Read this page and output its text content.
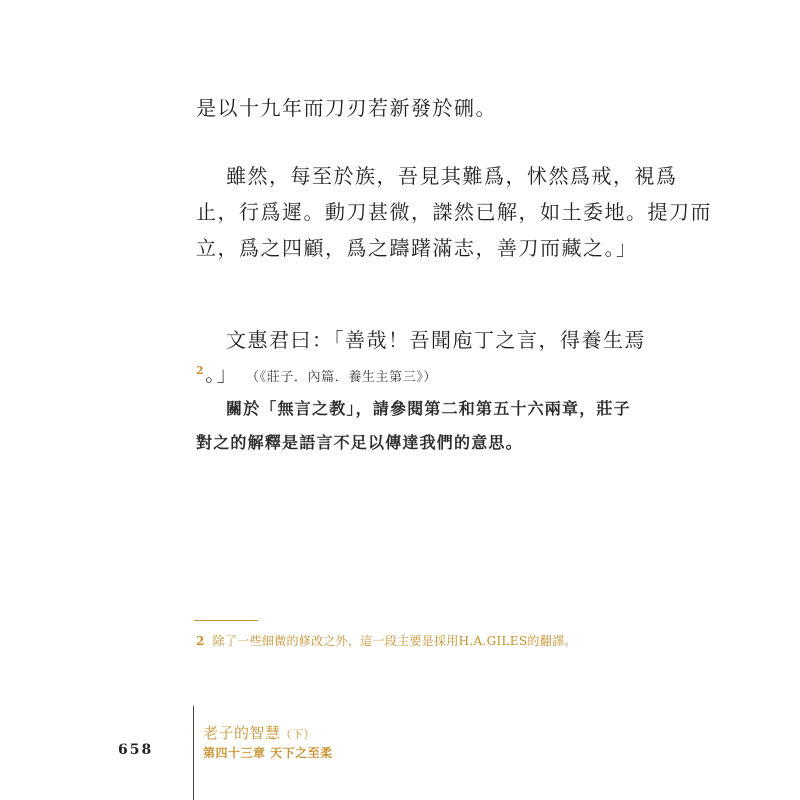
是以十九年而刀刃若新發於硎。

雖然，每至於族，吾見其難爲，怵然爲戒，視爲

止，行爲遲。動刀甚微，謋然已解，如土委地。提刀而

立，爲之四顧，爲之躊躇滿志，善刀而藏之。」

文惠君曰：「善哉！吾聞庖丁之言，得養生焉

$^2$。」 （《莊子．內篇．養生主第三》）

關於「無言之教」，請參閱第二和第五十六兩章，莊子

對之的解釋是語言不足以傳達我們的意思。

2 除了一些細微的修改之外，這一段主要是採用H.A.GILES的翻譯。
658
老子的智慧（下）
第四十三章 天下之至柔
